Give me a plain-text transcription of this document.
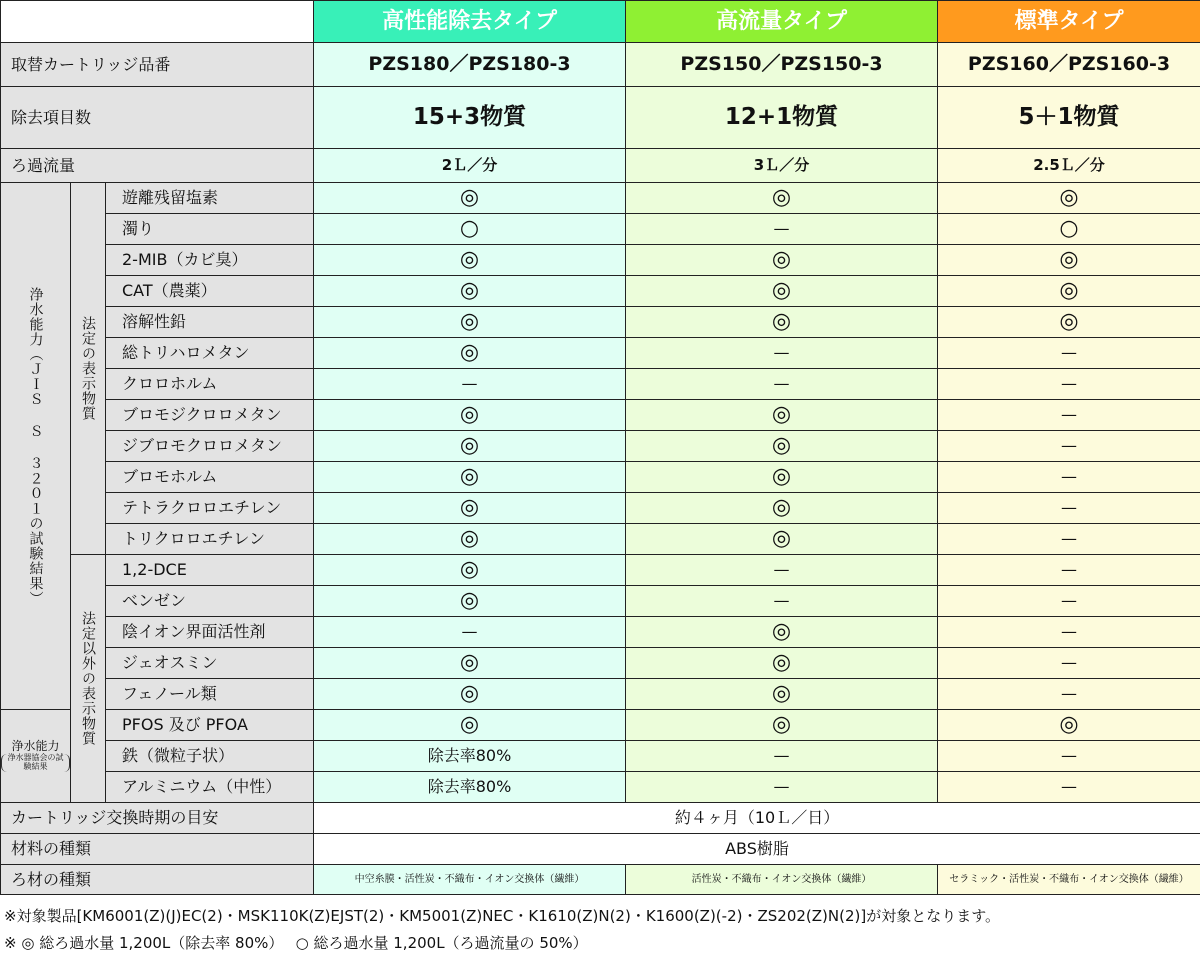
			高性能除去タイプ	高流量タイプ	標準タイプ
取替カートリッジ品番			PZS180／PZS180-3	PZS150／PZS150-3	PZS160／PZS160-3
除去項目数			15+3物質	12+1物質	5＋1物質
ろ過流量			2Ｌ／分	3Ｌ／分	2.5Ｌ／分

浄水能力（ＪＩＳ Ｓ ３２０１の試験結果）	法定の表示物質	遊離残留塩素	◎	◎	◎
		濁り	○	—	○
		2-MIB（カビ臭）	◎	◎	◎
		CAT（農薬）	◎	◎	◎
		溶解性鉛	◎	◎	◎
		総トリハロメタン	◎	—	—
		クロロホルム	—	—	—
		ブロモジクロロメタン	◎	◎	—
		ジブロモクロロメタン	◎	◎	—
		ブロモホルム	◎	◎	—
		テトラクロロエチレン	◎	◎	—
		トリクロロエチレン	◎	◎	—

	法定以外の表示物質	1,2-DCE	◎	—	—
		ベンゼン	◎	—	—
		陰イオン界面活性剤	—	◎	—
		ジェオスミン	◎	◎	—
		フェノール類	◎	◎	—

浄水能力
浄水器協会の試験結果		PFOS 及び PFOA	◎	◎	◎
		鉄（微粒子状）	除去率80%	—	—
		アルミニウム（中性）	除去率80%	—	—
カートリッジ交換時期の目安			約４ヶ月（10Ｌ／日）		
材料の種類			ABS樹脂		
ろ材の種類			中空糸膜・活性炭・不織布・イオン交換体（繊維）	活性炭・不織布・イオン交換体（繊維）	セラミック・活性炭・不織布・イオン交換体（繊維）
※対象製品[KM6001(Z)(J)EC(2)・MSK110K(Z)EJST(2)・KM5001(Z)NEC・K1610(Z)N(2)・K1600(Z)(-2)・ZS202(Z)N(2)]が対象となります。
※ ◎ 総ろ過水量 1,200L（除去率 80%）　 ○ 総ろ過水量 1,200L（ろ過流量の 50%）
